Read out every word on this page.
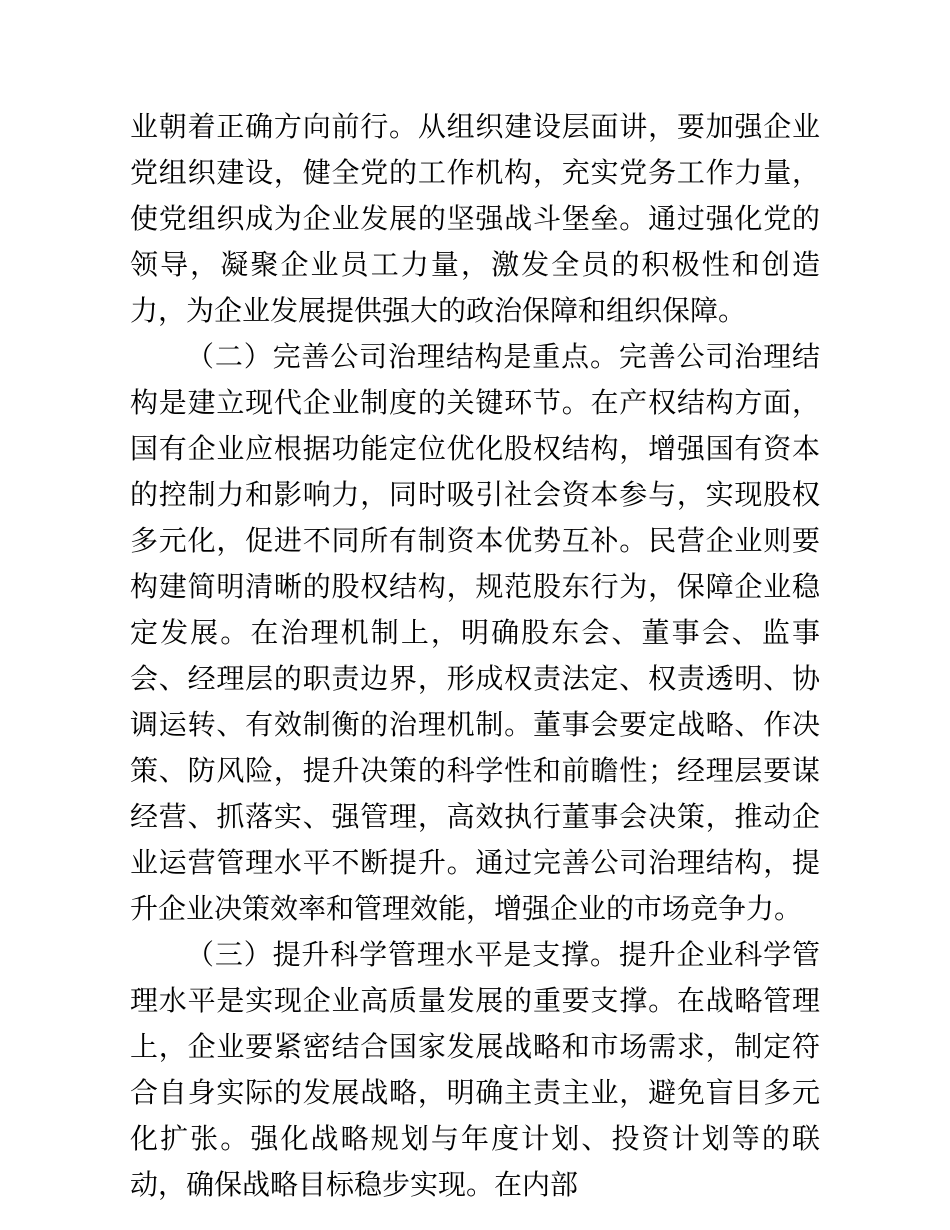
业朝着正确方向前行。从组织建设层面讲，要加强企业党组织建设，健全党的工作机构，充实党务工作力量，使党组织成为企业发展的坚强战斗堡垒。通过强化党的领导，凝聚企业员工力量，激发全员的积极性和创造力，为企业发展提供强大的政治保障和组织保障。

（二）完善公司治理结构是重点。完善公司治理结构是建立现代企业制度的关键环节。在产权结构方面，国有企业应根据功能定位优化股权结构，增强国有资本的控制力和影响力，同时吸引社会资本参与，实现股权多元化，促进不同所有制资本优势互补。民营企业则要构建简明清晰的股权结构，规范股东行为，保障企业稳定发展。在治理机制上，明确股东会、董事会、监事会、经理层的职责边界，形成权责法定、权责透明、协调运转、有效制衡的治理机制。董事会要定战略、作决策、防风险，提升决策的科学性和前瞻性；经理层要谋经营、抓落实、强管理，高效执行董事会决策，推动企业运营管理水平不断提升。通过完善公司治理结构，提升企业决策效率和管理效能，增强企业的市场竞争力。

（三）提升科学管理水平是支撑。提升企业科学管理水平是实现企业高质量发展的重要支撑。在战略管理上，企业要紧密结合国家发展战略和市场需求，制定符合自身实际的发展战略，明确主责主业，避免盲目多元化扩张。强化战略规划与年度计划、投资计划等的联动，确保战略目标稳步实现。在内部
